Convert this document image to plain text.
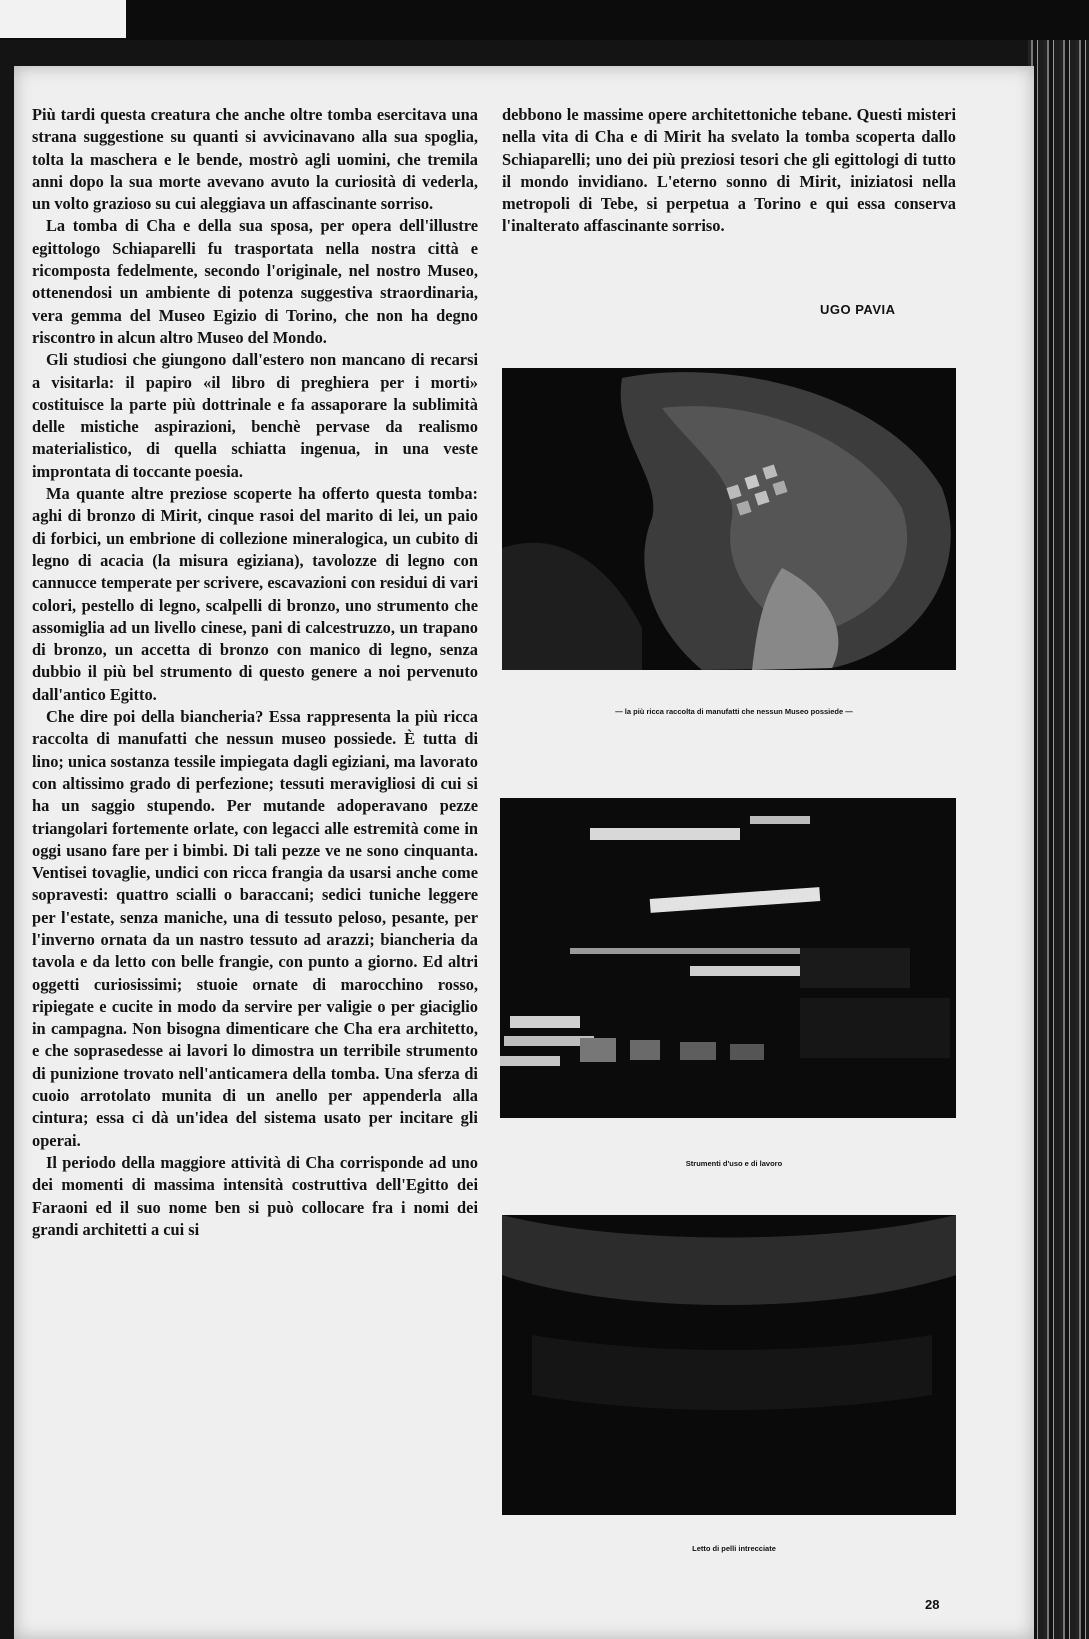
Più tardi questa creatura che anche oltre tomba esercitava una strana suggestione su quanti si avvicinavano alla sua spoglia, tolta la maschera e le bende, mostrò agli uomini, che tremila anni dopo la sua morte avevano avuto la curiosità di vederla, un volto grazioso su cui aleggiava un affascinante sorriso.

La tomba di Cha e della sua sposa, per opera dell'illustre egittologo Schiaparelli fu trasportata nella nostra città e ricomposta fedelmente, secondo l'originale, nel nostro Museo, ottenendosi un ambiente di potenza suggestiva straordinaria, vera gemma del Museo Egizio di Torino, che non ha degno riscontro in alcun altro Museo del Mondo.

Gli studiosi che giungono dall'estero non mancano di recarsi a visitarla: il papiro «il libro di preghiera per i morti» costituisce la parte più dottrinale e fa assaporare la sublimità delle mistiche aspirazioni, benchè pervase da realismo materialistico, di quella schiatta ingenua, in una veste improntata di toccante poesia.

Ma quante altre preziose scoperte ha offerto questa tomba: aghi di bronzo di Mirit, cinque rasoi del marito di lei, un paio di forbici, un embrione di collezione mineralogica, un cubito di legno di acacia (la misura egiziana), tavolozze di legno con cannucce temperate per scrivere, escavazioni con residui di vari colori, pestello di legno, scalpelli di bronzo, uno strumento che assomiglia ad un livello cinese, pani di calcestruzzo, un trapano di bronzo, un accetta di bronzo con manico di legno, senza dubbio il più bel strumento di questo genere a noi pervenuto dall'antico Egitto.

Che dire poi della biancheria? Essa rappresenta la più ricca raccolta di manufatti che nessun museo possiede. È tutta di lino; unica sostanza tessile impiegata dagli egiziani, ma lavorato con altissimo grado di perfezione; tessuti meravigliosi di cui si ha un saggio stupendo. Per mutande adoperavano pezze triangolari fortemente orlate, con legacci alle estremità come in oggi usano fare per i bimbi. Di tali pezze ve ne sono cinquanta. Ventisei tovaglie, undici con ricca frangia da usarsi anche come sopravesti: quattro scialli o baraccani; sedici tuniche leggere per l'estate, senza maniche, una di tessuto peloso, pesante, per l'inverno ornata da un nastro tessuto ad arazzi; biancheria da tavola e da letto con belle frangie, con punto a giorno. Ed altri oggetti curiosissimi; stuoie ornate di marocchino rosso, ripiegate e cucite in modo da servire per valigie o per giaciglio in campagna. Non bisogna dimenticare che Cha era architetto, e che soprasedesse ai lavori lo dimostra un terribile strumento di punizione trovato nell'anticamera della tomba. Una sferza di cuoio arrotolato munita di un anello per appenderla alla cintura; essa ci dà un'idea del sistema usato per incitare gli operai.

Il periodo della maggiore attività di Cha corrisponde ad uno dei momenti di massima intensità costruttiva dell'Egitto dei Faraoni ed il suo nome ben si può collocare fra i nomi dei grandi architetti a cui si

debbono le massime opere architettoniche tebane. Questi misteri nella vita di Cha e di Mirit ha svelato la tomba scoperta dallo Schiaparelli; uno dei più preziosi tesori che gli egittologi di tutto il mondo invidiano. L'eterno sonno di Mirit, iniziatosi nella metropoli di Tebe, si perpetua a Torino e qui essa conserva l'inalterato affascinante sorriso.

UGO PAVIA
— la più ricca raccolta di manufatti che nessun Museo possiede —
Strumenti d'uso e di lavoro
Letto di pelli intrecciate
28
